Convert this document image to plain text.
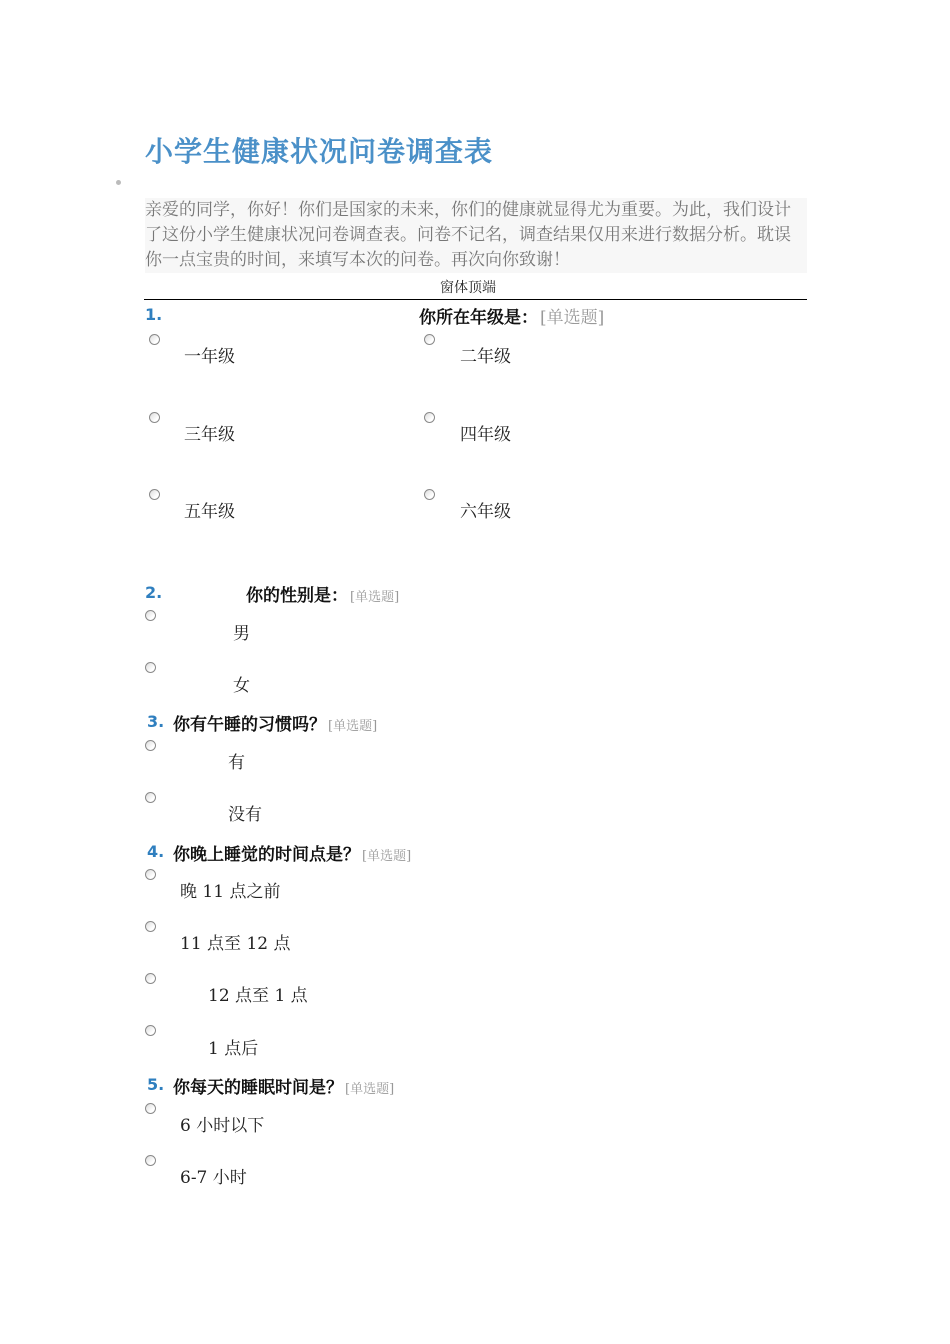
小学生健康状况问卷调查表
亲爱的同学，你好！你们是国家的未来，你们的健康就显得尤为重要。为此，我们设计了这份小学生健康状况问卷调查表。问卷不记名，调查结果仅用来进行数据分析。耽误你一点宝贵的时间，来填写本次的问卷。再次向你致谢！
窗体顶端
1.	你所在年级是： [单选题]
一年级	二年级
三年级	四年级
五年级	六年级
2.	你的性别是： [单选题]
男
女
3. 你有午睡的习惯吗？ [单选题]
有
没有
4. 你晚上睡觉的时间点是？ [单选题]
晚 11 点之前
11 点至 12 点
12 点至 1 点
1 点后
5. 你每天的睡眠时间是？ [单选题]
6 小时以下
6-7 小时
